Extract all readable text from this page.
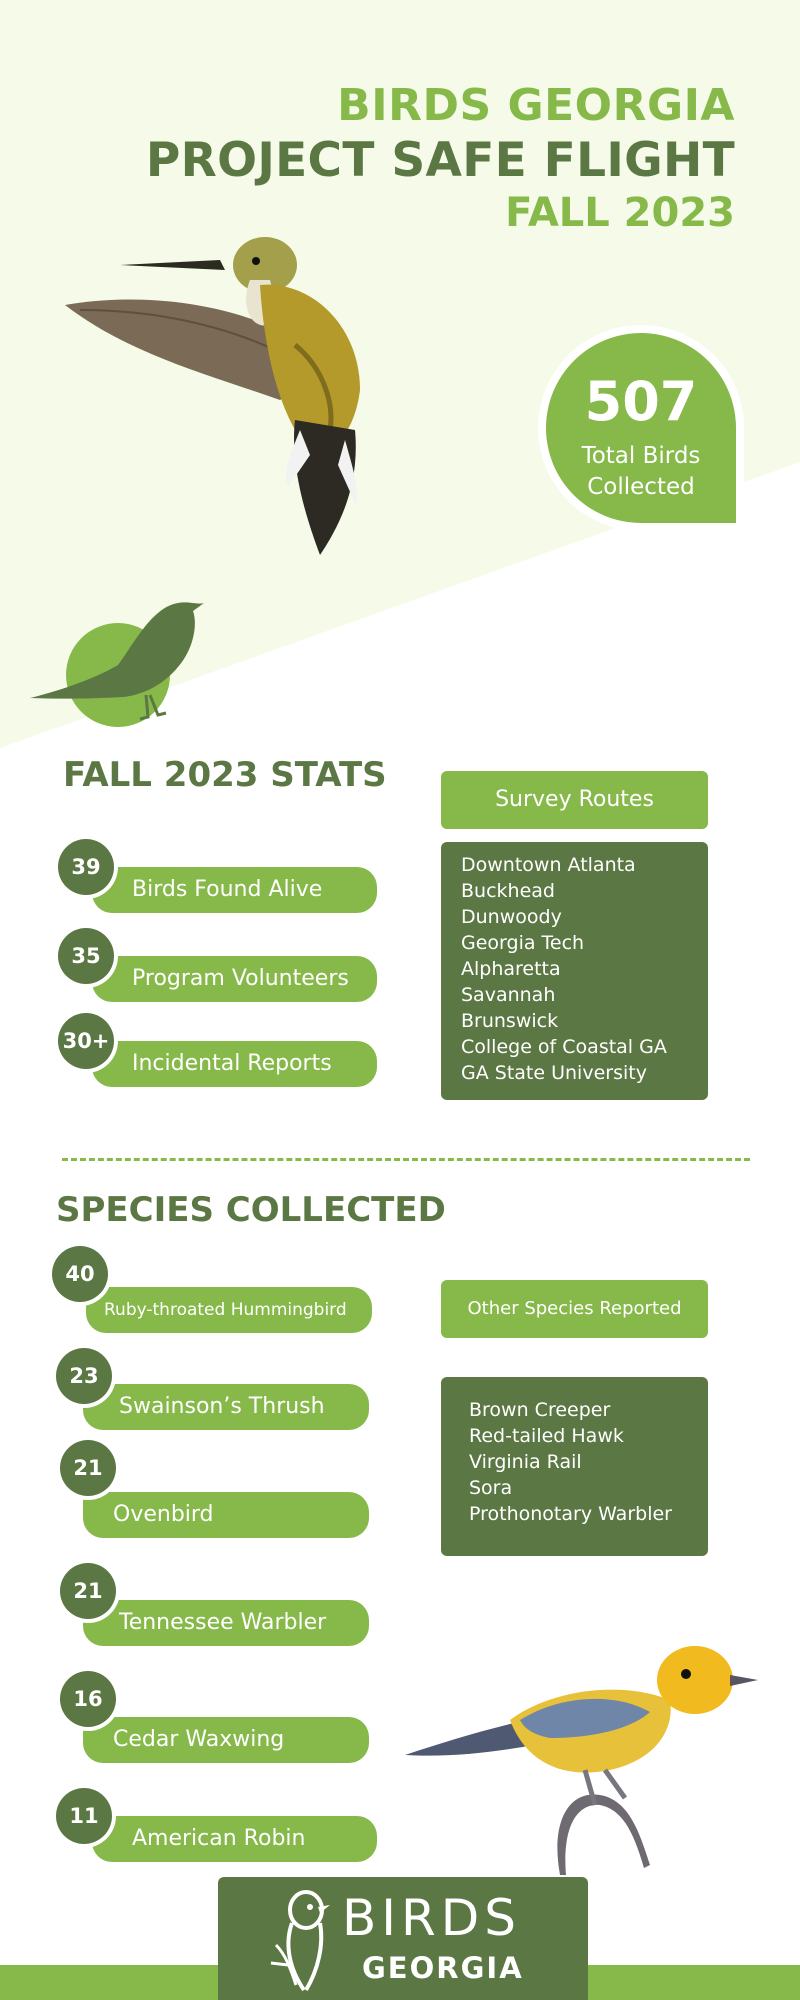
BIRDS GEORGIA
PROJECT SAFE FLIGHT
FALL 2023
507
Total Birds
Collected
FALL 2023 STATS
Birds Found Alive
39
Program Volunteers
35
Incidental Reports
30+
Survey Routes
Downtown Atlanta
Buckhead
Dunwoody
Georgia Tech
Alpharetta
Savannah
Brunswick
College of Coastal GA
GA State University
SPECIES COLLECTED
Ruby-throated Hummingbird
40
Swainson’s Thrush
23
Ovenbird
21
Tennessee Warbler
21
Cedar Waxwing
16
American Robin
11
Other Species Reported
Brown Creeper
Red-tailed Hawk
Virginia Rail
Sora
Prothonotary Warbler
BIRDS
GEORGIA
